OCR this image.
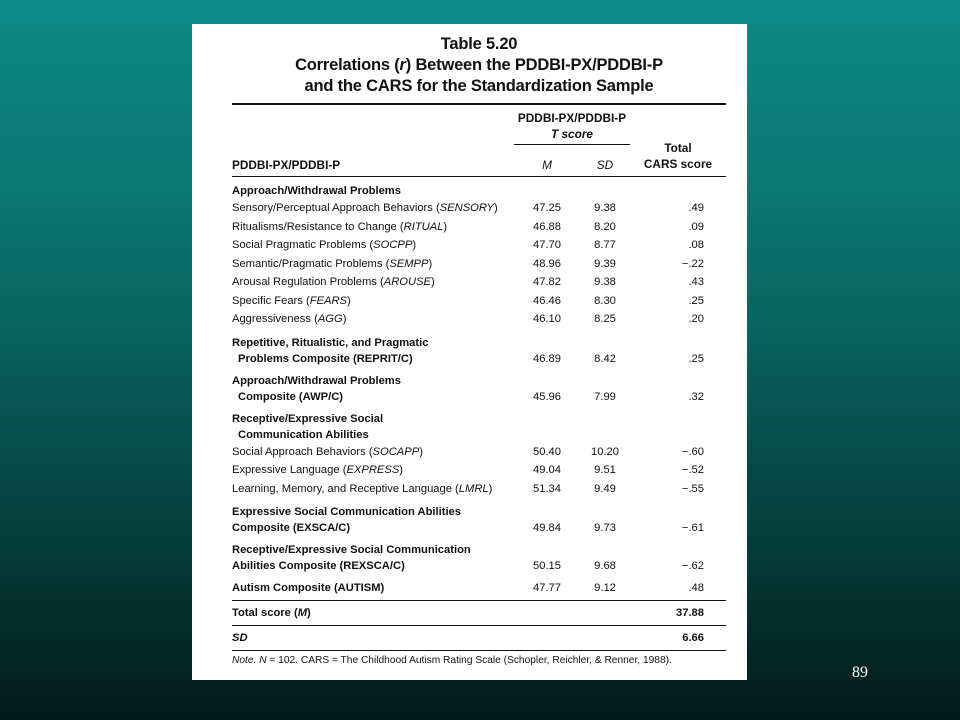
Table 5.20
Correlations (r) Between the PDDBI-PX/PDDBI-P
and the CARS for the Standardization Sample

PDDBI-PX/PDDBI-P
T score

PDDBI-PX/PDDBI-P	M	SD	
Total
CARS score

Approach/Withdrawal Problems			
Sensory/Perceptual Approach Behaviors (SENSORY)	47.25	9.38	.49
Ritualisms/Resistance to Change (RITUAL)	46.88	8.20	.09
Social Pragmatic Problems (SOCPP)	47.70	8.77	.08
Semantic/Pragmatic Problems (SEMPP)	48.96	9.39	−.22
Arousal Regulation Problems (AROUSE)	47.82	9.38	.43
Specific Fears (FEARS)	46.46	8.30	.25
Aggressiveness (AGG)	46.10	8.25	.20

Repetitive, Ritualistic, and Pragmatic			
Problems Composite (REPRIT/C)	46.89	8.42	.25

Approach/Withdrawal Problems			
Composite (AWP/C)	45.96	7.99	.32

Receptive/Expressive Social			
Communication Abilities			
Social Approach Behaviors (SOCAPP)	50.40	10.20	−.60
Expressive Language (EXPRESS)	49.04	9.51	−.52
Learning, Memory, and Receptive Language (LMRL)	51.34	9.49	−.55

Expressive Social Communication Abilities			
Composite (EXSCA/C)	49.84	9.73	−.61

Receptive/Expressive Social Communication			
Abilities Composite (REXSCA/C)	50.15	9.68	−.62

Autism Composite (AUTISM)	47.77	9.12	.48
Total score (M)			37.88
SD			6.66
Note. N = 102. CARS = The Childhood Autism Rating Scale (Schopler, Reichler, & Renner, 1988).
89
